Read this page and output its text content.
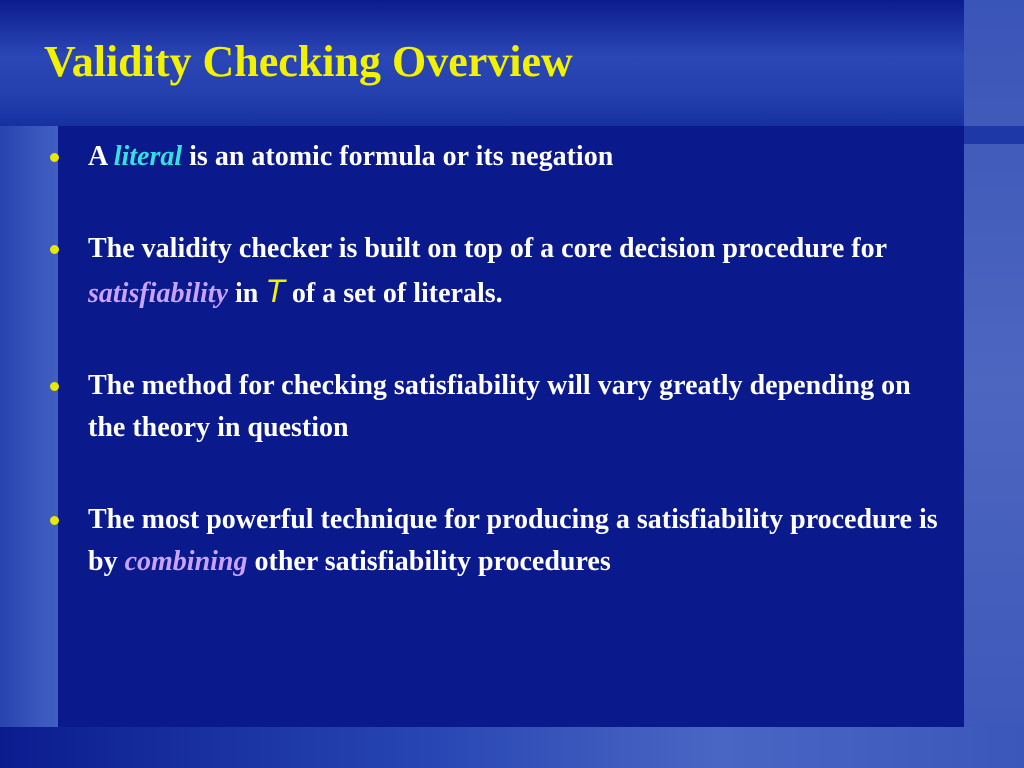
Validity Checking Overview
A literal is an atomic formula or its negation
The validity checker is built on top of a core decision procedure for satisfiability in T of a set of literals.
The method for checking satisfiability will vary greatly depending on the theory in question
The most powerful technique for producing a satisfiability procedure is by combining other satisfiability procedures
